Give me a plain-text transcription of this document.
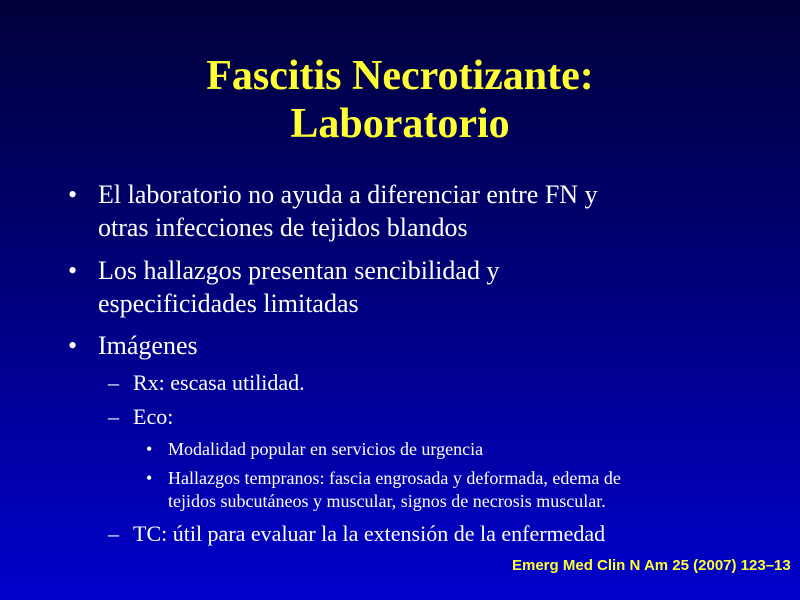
Fascitis Necrotizante:
Laboratorio
• El laboratorio no ayuda a diferenciar entre FN y
otras infecciones de tejidos blandos
• Los hallazgos presentan sencibilidad y
especificidades limitadas
• Imágenes
– Rx: escasa utilidad.
– Eco:
• Modalidad popular en servicios de urgencia
• Hallazgos tempranos: fascia engrosada y deformada, edema de
tejidos subcutáneos y muscular, signos de necrosis muscular.
– TC: útil para evaluar la la extensión de la enfermedad
Emerg Med Clin N Am 25 (2007) 123–13
